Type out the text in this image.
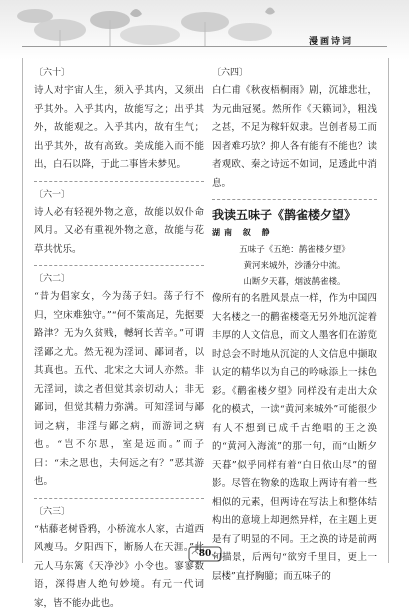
漫画诗词

〔六十〕

诗人对宇宙人生，须入乎其内，又须出乎其外。入乎其内，故能写之；出乎其外，故能观之。入乎其内，故有生气；出乎其外，故有高致。美成能入而不能出，白石以降，于此二事皆未梦见。

〔六一〕

诗人必有轻视外物之意，故能以奴仆命风月。又必有重视外物之意，故能与花草共忧乐。

〔六二〕

“昔为倡家女，今为荡子妇。荡子行不归，空床难独守。”“何不策高足，先据要路津？无为久贫贱，轗轲长苦辛。”可谓淫鄙之尤。然无视为淫词、鄙词者，以其真也。五代、北宋之大词人亦然。非无淫词，读之者但觉其亲切动人；非无鄙词，但觉其精力弥满。可知淫词与鄙词之病，非淫与鄙之病，而游词之病也。“岂不尔思，室是远而。”而子曰：“未之思也，夫何远之有？”恶其游也。

〔六三〕

“枯藤老树昏鸦，小桥流水人家，古道西风瘦马。夕阳西下，断肠人在天涯。”此元人马东篱《天净沙》小令也。寥寥数语，深得唐人绝句妙境。有元一代词家，皆不能办此也。

〔六四〕

白仁甫《秋夜梧桐雨》剧，沉雄悲壮，为元曲冠冕。然所作《天籁词》，粗浅之甚，不足为稼轩奴隶。岂创者易工而因者难巧欤？抑人各有能有不能也？读者观欧、秦之诗远不如词，足透此中消息。

我读五味子《鹊雀楼夕望》

湖南 叙 静

五味子《五绝：鹊雀楼夕望》
黄河来城外，沙潘分中流。
山断夕天暮，烟波鹊雀楼。

像所有的名胜风景点一样，作为中国四大名楼之一的鹳雀楼毫无另外地沉淀着丰厚的人文信息，而文人墨客们在游览时总会不时地从沉淀的人文信息中撷取认定的精华以为自己的吟咏添上一抹色彩。《鹳雀楼夕望》同样没有走出大众化的模式，一读“黄河来城外”可能很少有人不想到已成千古绝唱的王之涣的“黄河入海流”的那一句，而“山断夕天暮”似乎同样有着“白日依山尽”的留影。尽管在物象的选取上两诗有着一些相似的元素，但两诗在写法上和整体结构出的意境上却迥然异样，在主题上更是有了明显的不同。王之涣的诗是前两句描景，后两句“欲穷千里目，更上一层楼”直抒胸臆；而五味子的

80
